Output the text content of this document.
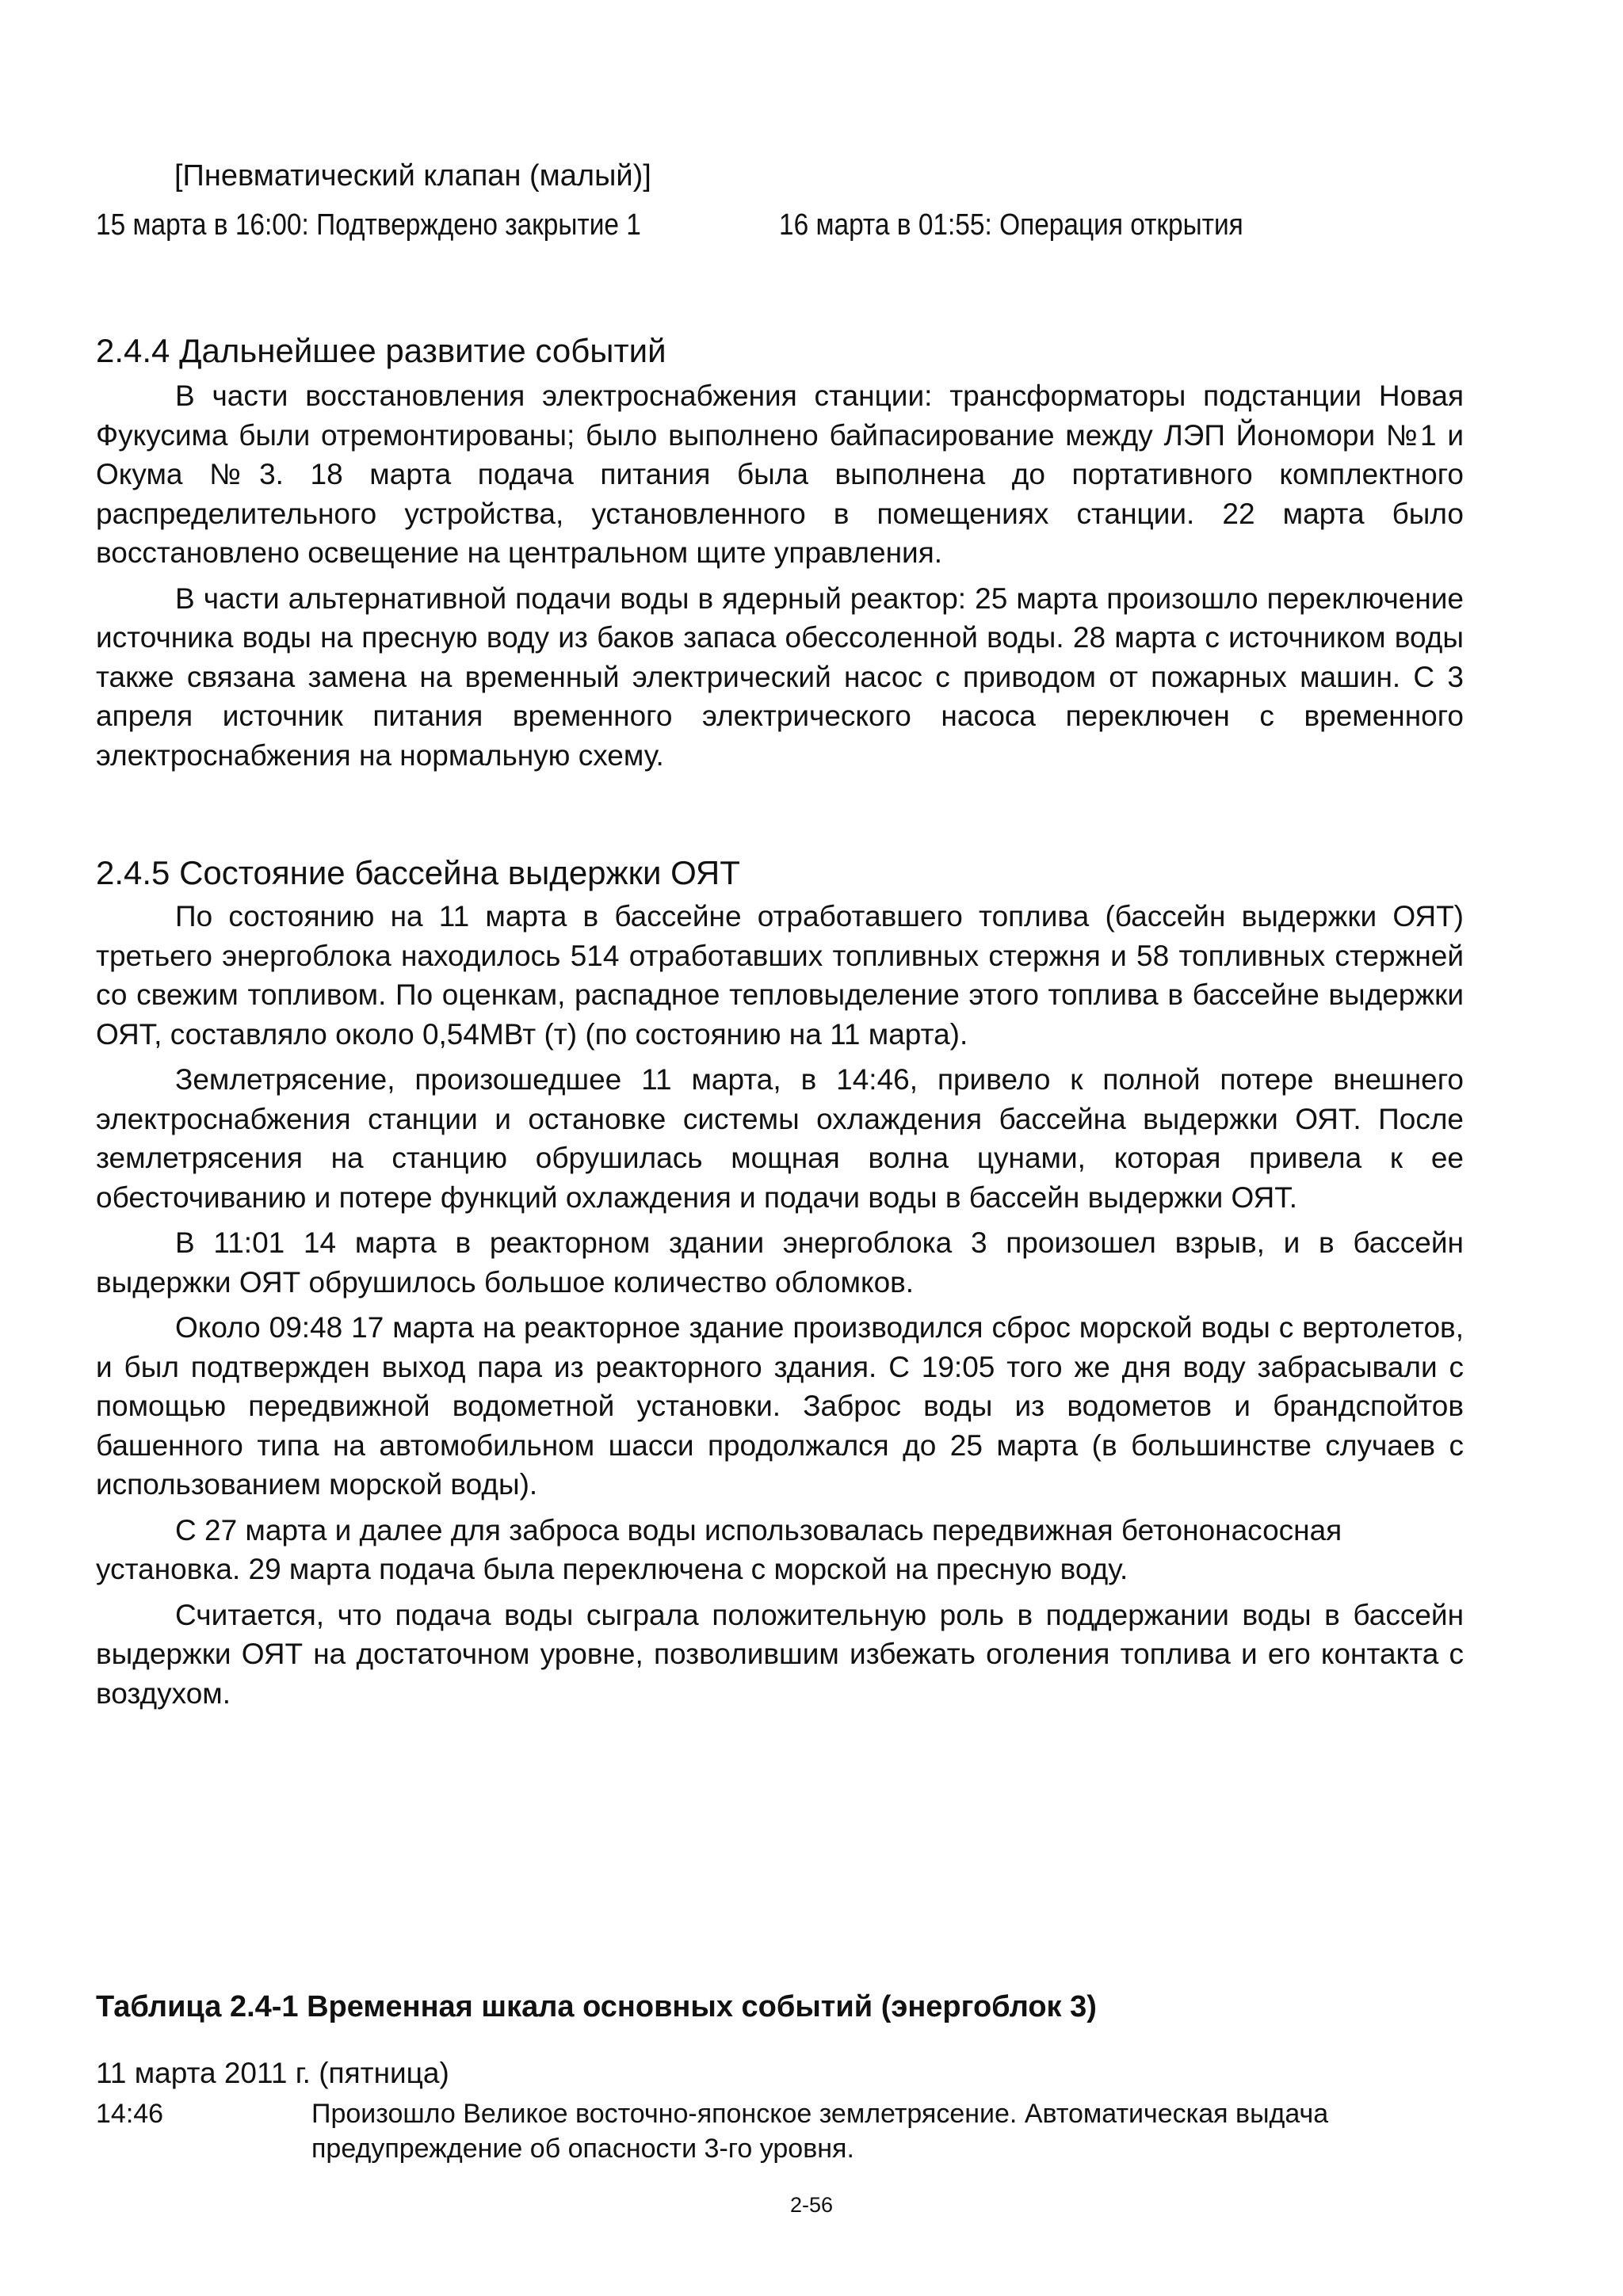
[Пневматический клапан (малый)]
15 марта в 16:00: Подтверждено закрытие 1	16 марта в 01:55: Операция открытия
2.4.4 Дальнейшее развитие событий

В части восстановления электроснабжения станции: трансформаторы подстанции Новая Фукусима были отремонтированы; было выполнено байпасирование между ЛЭП Йономори №1 и Окума №3. 18 марта подача питания была выполнена до портативного комплектного распределительного устройства, установленного в помещениях станции. 22 марта было восстановлено освещение на центральном щите управления.

В части альтернативной подачи воды в ядерный реактор: 25 марта произошло переключение источника воды на пресную воду из баков запаса обессоленной воды. 28 марта с источником воды также связана замена на временный электрический насос с приводом от пожарных машин. С 3 апреля источник питания временного электрического насоса переключен с временного электроснабжения на нормальную схему.

2.4.5 Состояние бассейна выдержки ОЯТ

По состоянию на 11 марта в бассейне отработавшего топлива (бассейн выдержки ОЯТ) третьего энергоблока находилось 514 отработавших топливных стержня и 58 топливных стержней со свежим топливом. По оценкам, распадное тепловыделение этого топлива в бассейне выдержки ОЯТ, составляло около 0,54МВт (т) (по состоянию на 11 марта).

Землетрясение, произошедшее 11 марта, в 14:46, привело к полной потере внешнего электроснабжения станции и остановке системы охлаждения бассейна выдержки ОЯТ. После землетрясения на станцию обрушилась мощная волна цунами, которая привела к ее обесточиванию и потере функций охлаждения и подачи воды в бассейн выдержки ОЯТ.

В 11:01 14 марта в реакторном здании энергоблока 3 произошел взрыв, и в бассейн выдержки ОЯТ обрушилось большое количество обломков.

Около 09:48 17 марта на реакторное здание производился сброс морской воды с вертолетов, и был подтвержден выход пара из реакторного здания. С 19:05 того же дня воду забрасывали с помощью передвижной водометной установки. Заброс воды из водометов и брандспойтов башенного типа на автомобильном шасси продолжался до 25 марта (в большинстве случаев с использованием морской воды).

С 27 марта и далее для заброса воды использовалась передвижная бетононасосная установка. 29 марта подача была переключена с морской на пресную воду.

Считается, что подача воды сыграла положительную роль в поддержании воды в бассейн выдержки ОЯТ на достаточном уровне, позволившим избежать оголения топлива и его контакта с воздухом.

Таблица 2.4-1 Временная шкала основных событий (энергоблок 3)
11 марта 2011 г. (пятница)
14:46	Произошло Великое восточно-японское землетрясение. Автоматическая выдача предупреждение об опасности 3-го уровня.
2-56
